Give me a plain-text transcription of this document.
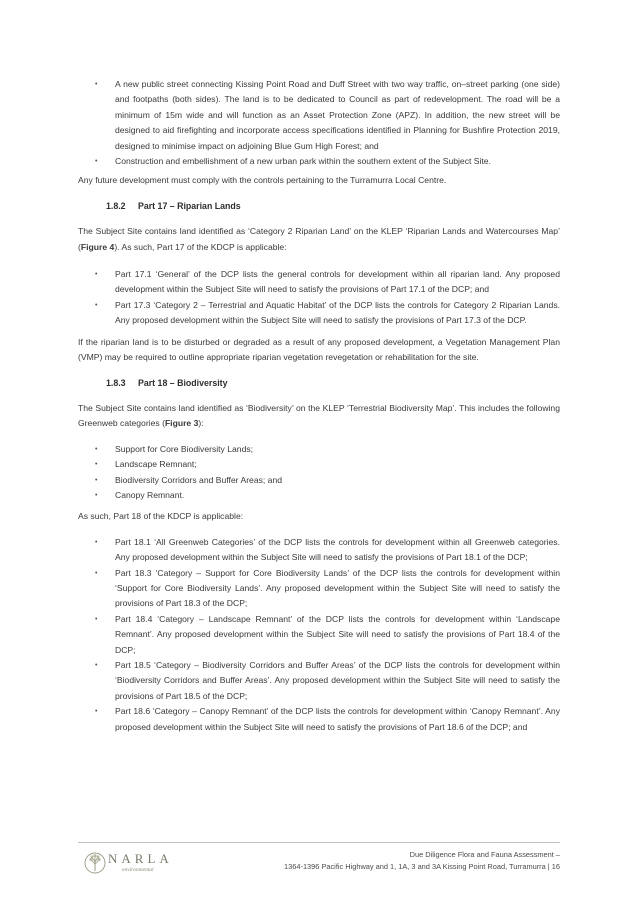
• A new public street connecting Kissing Point Road and Duff Street with two way traffic, on–street parking (one side) and footpaths (both sides). The land is to be dedicated to Council as part of redevelopment. The road will be a minimum of 15m wide and will function as an Asset Protection Zone (APZ). In addition, the new street will be designed to aid firefighting and incorporate access specifications identified in Planning for Bushfire Protection 2019, designed to minimise impact on adjoining Blue Gum High Forest; and
• Construction and embellishment of a new urban park within the southern extent of the Subject Site.

Any future development must comply with the controls pertaining to the Turramurra Local Centre.

1.8.2 Part 17 – Riparian Lands

The Subject Site contains land identified as ‘Category 2 Riparian Land’ on the KLEP ‘Riparian Lands and Watercourses Map’ (Figure 4). As such, Part 17 of the KDCP is applicable:

• Part 17.1 ‘General’ of the DCP lists the general controls for development within all riparian land. Any proposed development within the Subject Site will need to satisfy the provisions of Part 17.1 of the DCP; and
• Part 17.3 ‘Category 2 – Terrestrial and Aquatic Habitat’ of the DCP lists the controls for Category 2 Riparian Lands. Any proposed development within the Subject Site will need to satisfy the provisions of Part 17.3 of the DCP.

If the riparian land is to be disturbed or degraded as a result of any proposed development, a Vegetation Management Plan (VMP) may be required to outline appropriate riparian vegetation revegetation or rehabilitation for the site.

1.8.3 Part 18 – Biodiversity

The Subject Site contains land identified as ‘Biodiversity’ on the KLEP ‘Terrestrial Biodiversity Map’. This includes the following Greenweb categories (Figure 3):

• Support for Core Biodiversity Lands;
• Landscape Remnant;
• Biodiversity Corridors and Buffer Areas; and
• Canopy Remnant.

As such, Part 18 of the KDCP is applicable:

• Part 18.1 ‘All Greenweb Categories’ of the DCP lists the controls for development within all Greenweb categories. Any proposed development within the Subject Site will need to satisfy the provisions of Part 18.1 of the DCP;
• Part 18.3 ‘Category – Support for Core Biodiversity Lands’ of the DCP lists the controls for development within ‘Support for Core Biodiversity Lands’. Any proposed development within the Subject Site will need to satisfy the provisions of Part 18.3 of the DCP;
• Part 18.4 ‘Category – Landscape Remnant’ of the DCP lists the controls for development within ‘Landscape Remnant’. Any proposed development within the Subject Site will need to satisfy the provisions of Part 18.4 of the DCP;
• Part 18.5 ‘Category – Biodiversity Corridors and Buffer Areas’ of the DCP lists the controls for development within ‘Biodiversity Corridors and Buffer Areas’. Any proposed development within the Subject Site will need to satisfy the provisions of Part 18.5 of the DCP;
• Part 18.6 ‘Category – Canopy Remnant’ of the DCP lists the controls for development within ‘Canopy Remnant’. Any proposed development within the Subject Site will need to satisfy the provisions of Part 18.6 of the DCP; and
NARLA
environmental
Due Diligence Flora and Fauna Assessment –
1364-1396 Pacific Highway and 1, 1A, 3 and 3A Kissing Point Road, Turramurra | 16
